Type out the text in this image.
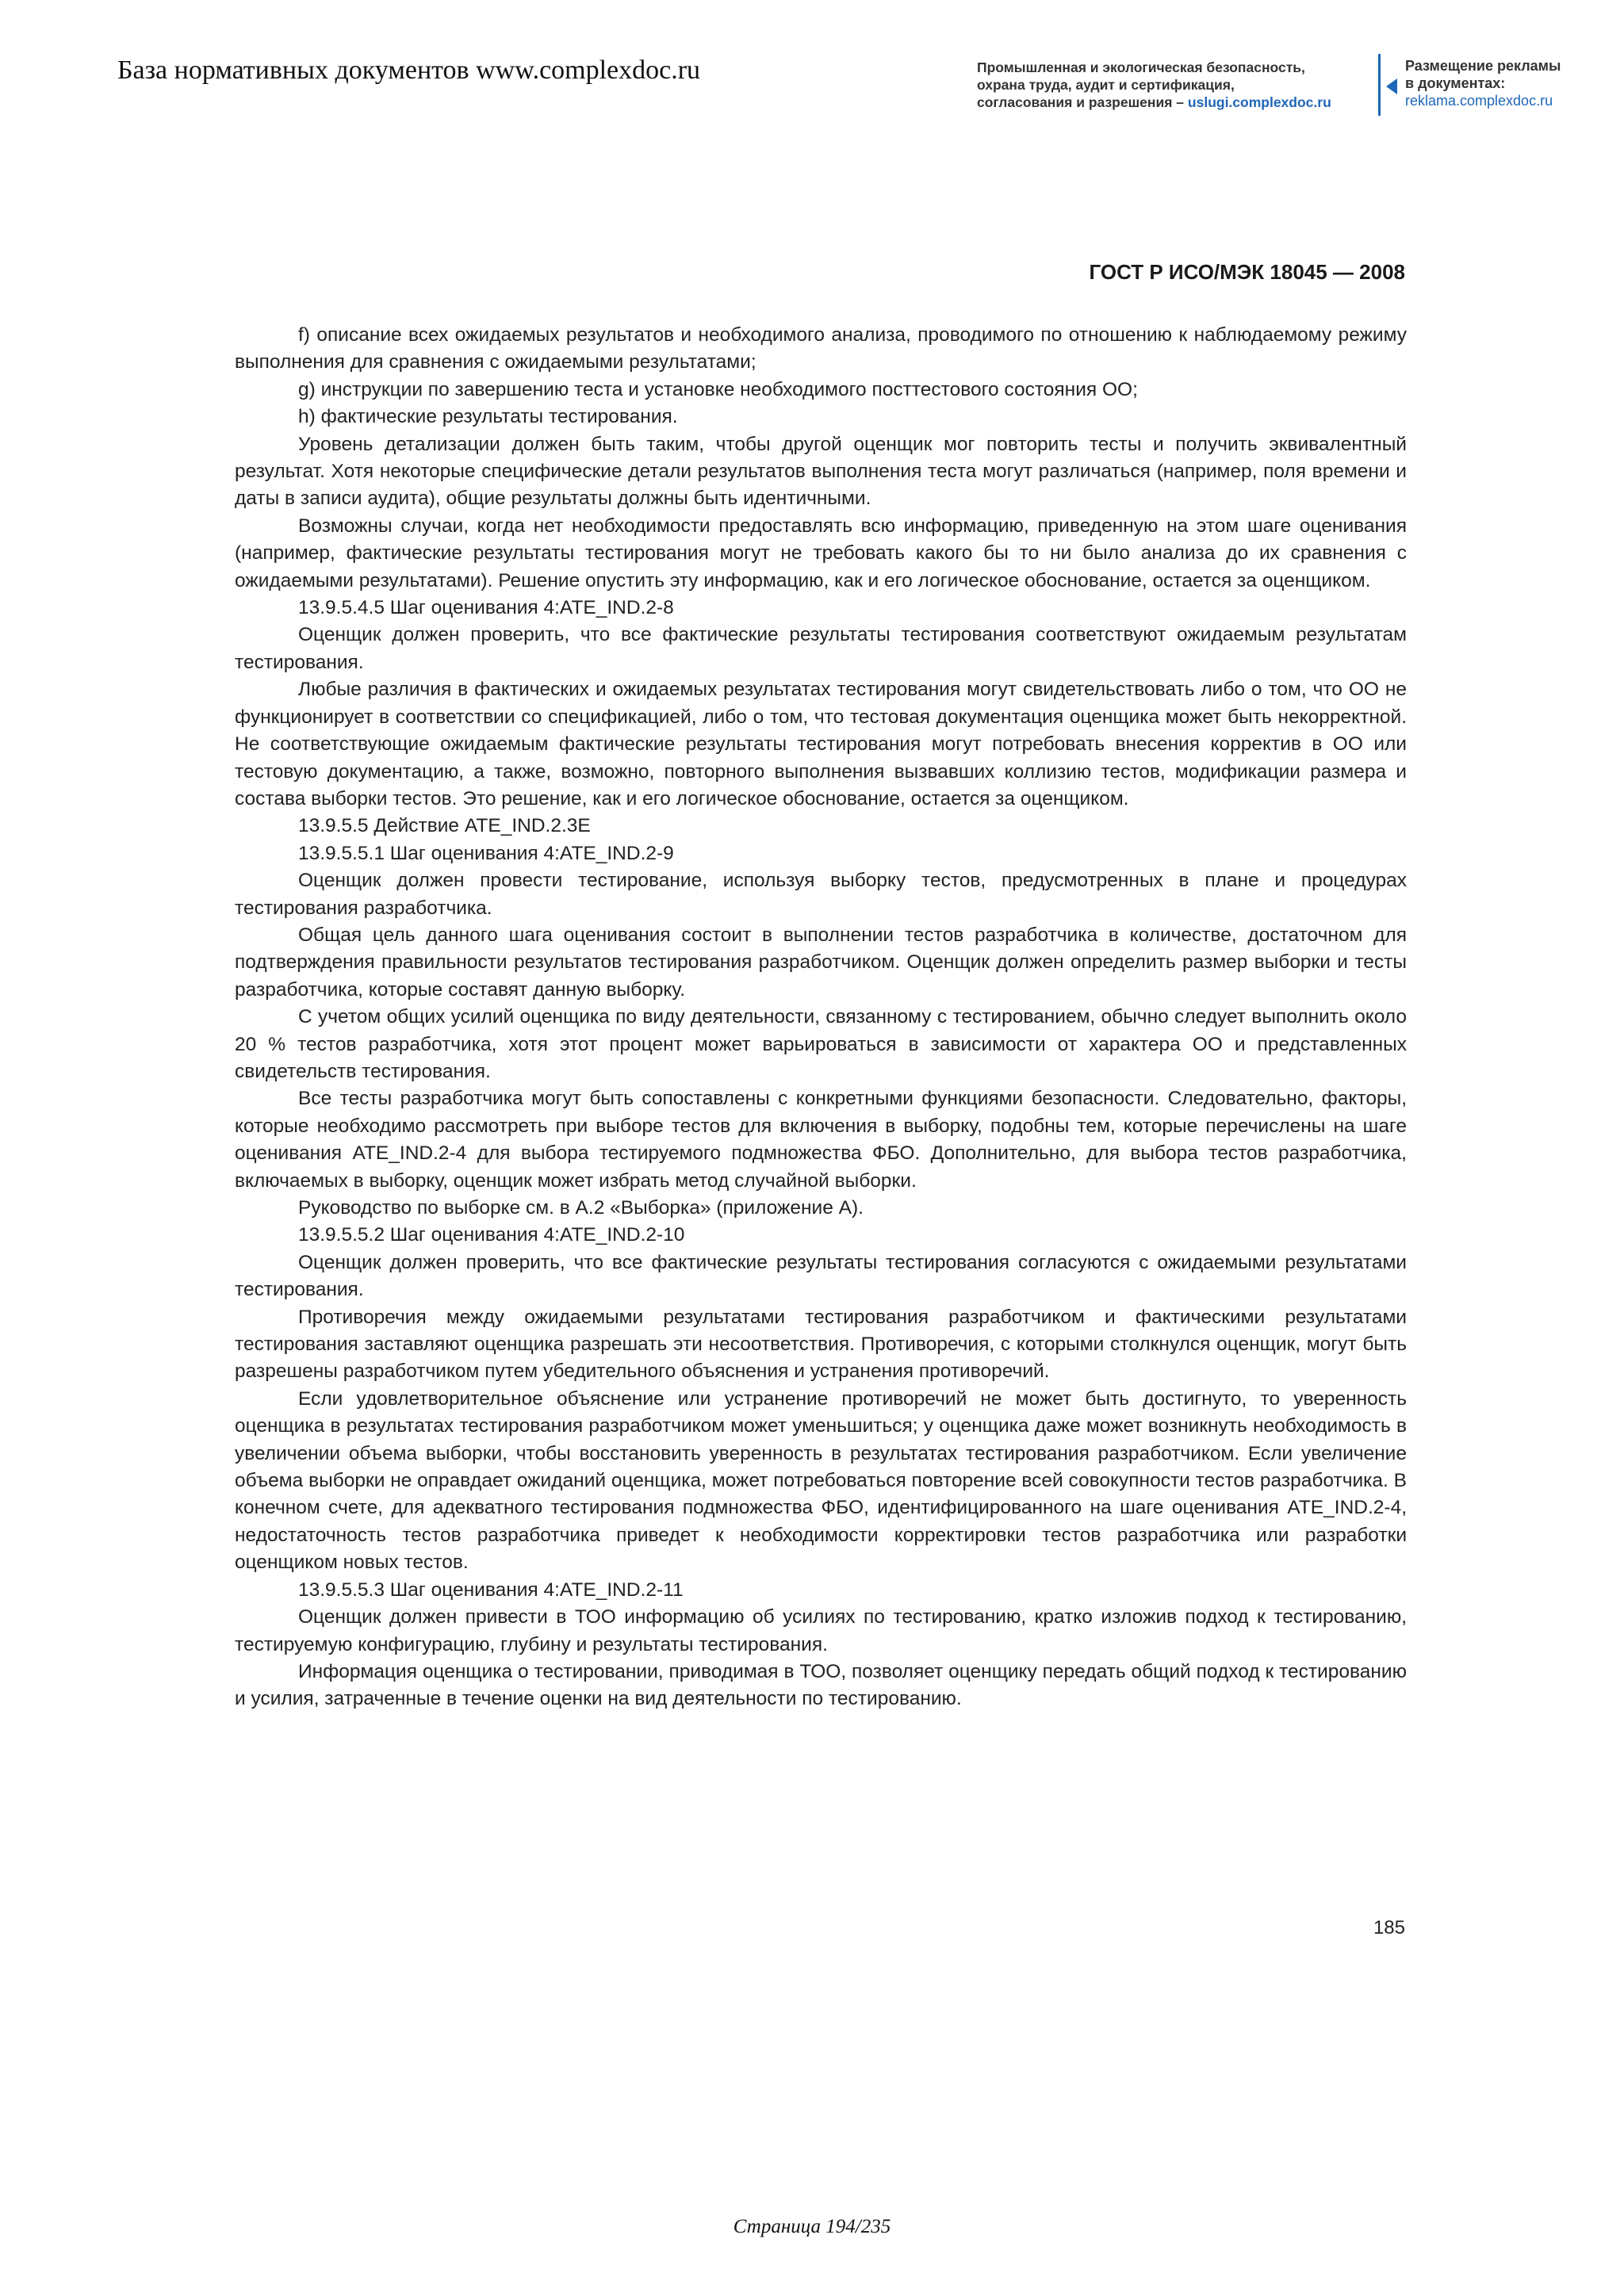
База нормативных документов www.complexdoc.ru	Промышленная и экологическая безопасность,
охрана труда, аудит и сертификация,
согласования и разрешения – uslugi.complexdoc.ru
Размещение рекламы
в документах:
reklama.complexdoc.ru
ГОСТ Р ИСО/МЭК 18045 — 2008

f) описание всех ожидаемых результатов и необходимого анализа, проводимого по отношению к наблюдаемому режиму выполнения для сравнения с ожидаемыми результатами;

g) инструкции по завершению теста и установке необходимого посттестового состояния ОО;

h) фактические результаты тестирования.

Уровень детализации должен быть таким, чтобы другой оценщик мог повторить тесты и получить эквивалентный результат. Хотя некоторые специфические детали результатов выполнения теста могут различаться (например, поля времени и даты в записи аудита), общие результаты должны быть идентичными.

Возможны случаи, когда нет необходимости предоставлять всю информацию, приведенную на этом шаге оценивания (например, фактические результаты тестирования могут не требовать какого бы то ни было анализа до их сравнения с ожидаемыми результатами). Решение опустить эту информацию, как и его логическое обоснование, остается за оценщиком.

13.9.5.4.5 Шаг оценивания 4:ATE_IND.2-8

Оценщик должен проверить, что все фактические результаты тестирования соответствуют ожидаемым результатам тестирования.

Любые различия в фактических и ожидаемых результатах тестирования могут свидетельствовать либо о том, что ОО не функционирует в соответствии со спецификацией, либо о том, что тестовая документация оценщика может быть некорректной. Не соответствующие ожидаемым фактические результаты тестирования могут потребовать внесения корректив в ОО или тестовую документацию, а также, возможно, повторного выполнения вызвавших коллизию тестов, модификации размера и состава выборки тестов. Это решение, как и его логическое обоснование, остается за оценщиком.

13.9.5.5 Действие ATE_IND.2.3E

13.9.5.5.1 Шаг оценивания 4:ATE_IND.2-9

Оценщик должен провести тестирование, используя выборку тестов, предусмотренных в плане и процедурах тестирования разработчика.

Общая цель данного шага оценивания состоит в выполнении тестов разработчика в количестве, достаточном для подтверждения правильности результатов тестирования разработчиком. Оценщик должен определить размер выборки и тесты разработчика, которые составят данную выборку.

С учетом общих усилий оценщика по виду деятельности, связанному с тестированием, обычно следует выполнить около 20 % тестов разработчика, хотя этот процент может варьироваться в зависимости от характера ОО и представленных свидетельств тестирования.

Все тесты разработчика могут быть сопоставлены с конкретными функциями безопасности. Следовательно, факторы, которые необходимо рассмотреть при выборе тестов для включения в выборку, подобны тем, которые перечислены на шаге оценивания ATE_IND.2-4 для выбора тестируемого подмножества ФБО. Дополнительно, для выбора тестов разработчика, включаемых в выборку, оценщик может избрать метод случайной выборки.

Руководство по выборке см. в А.2 «Выборка» (приложение А).

13.9.5.5.2 Шаг оценивания 4:ATE_IND.2-10

Оценщик должен проверить, что все фактические результаты тестирования согласуются с ожидаемыми результатами тестирования.

Противоречия между ожидаемыми результатами тестирования разработчиком и фактическими результатами тестирования заставляют оценщика разрешать эти несоответствия. Противоречия, с которыми столкнулся оценщик, могут быть разрешены разработчиком путем убедительного объяснения и устранения противоречий.

Если удовлетворительное объяснение или устранение противоречий не может быть достигнуто, то уверенность оценщика в результатах тестирования разработчиком может уменьшиться; у оценщика даже может возникнуть необходимость в увеличении объема выборки, чтобы восстановить уверенность в результатах тестирования разработчиком. Если увеличение объема выборки не оправдает ожиданий оценщика, может потребоваться повторение всей совокупности тестов разработчика. В конечном счете, для адекватного тестирования подмножества ФБО, идентифицированного на шаге оценивания ATE_IND.2-4, недостаточность тестов разработчика приведет к необходимости корректировки тестов разработчика или разработки оценщиком новых тестов.

13.9.5.5.3 Шаг оценивания 4:ATE_IND.2-11

Оценщик должен привести в ТОО информацию об усилиях по тестированию, кратко изложив подход к тестированию, тестируемую конфигурацию, глубину и результаты тестирования.

Информация оценщика о тестировании, приводимая в ТОО, позволяет оценщику передать общий подход к тестированию и усилия, затраченные в течение оценки на вид деятельности по тестированию.

185
Страница 194/235
